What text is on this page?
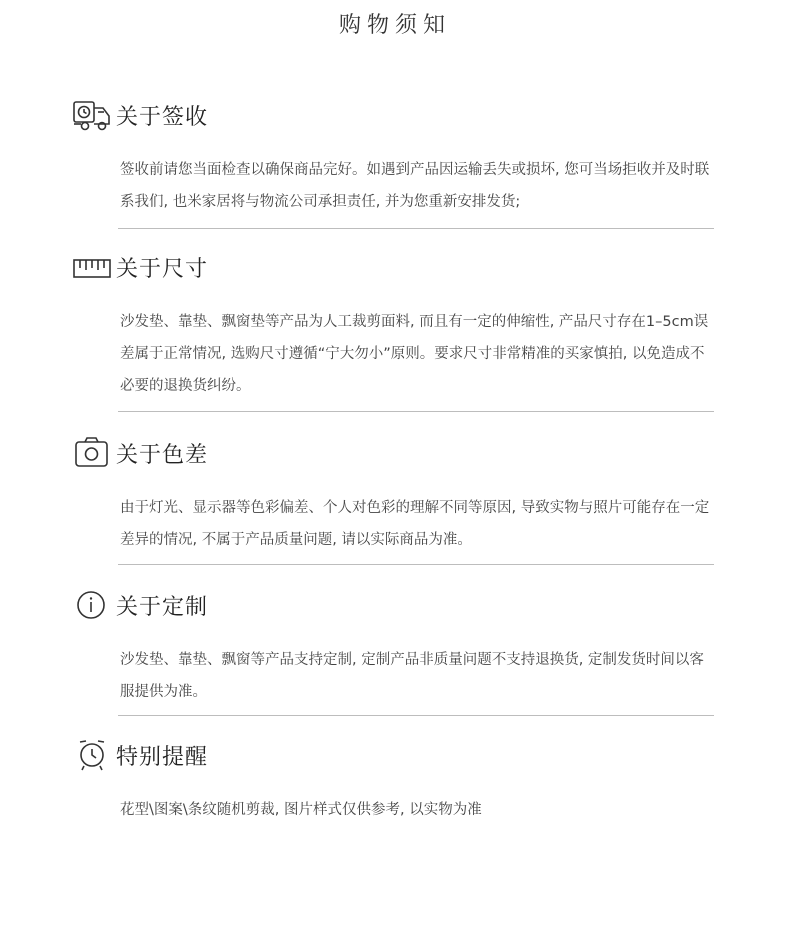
购物须知
关于签收
签收前请您当面检查以确保商品完好。如遇到产品因运输丢失或损坏, 您可当场拒收并及时联系我们, 也米家居将与物流公司承担责任, 并为您重新安排发货;
关于尺寸
沙发垫、靠垫、飘窗垫等产品为人工裁剪面料, 而且有一定的伸缩性, 产品尺寸存在1–5cm误差属于正常情况, 选购尺寸遵循“宁大勿小”原则。要求尺寸非常精准的买家慎拍, 以免造成不必要的退换货纠纷。
关于色差
由于灯光、显示器等色彩偏差、个人对色彩的理解不同等原因, 导致实物与照片可能存在一定差异的情况, 不属于产品质量问题, 请以实际商品为准。
关于定制
沙发垫、靠垫、飘窗等产品支持定制, 定制产品非质量问题不支持退换货, 定制发货时间以客服提供为准。
特别提醒
花型\图案\条纹随机剪裁, 图片样式仅供参考, 以实物为准
